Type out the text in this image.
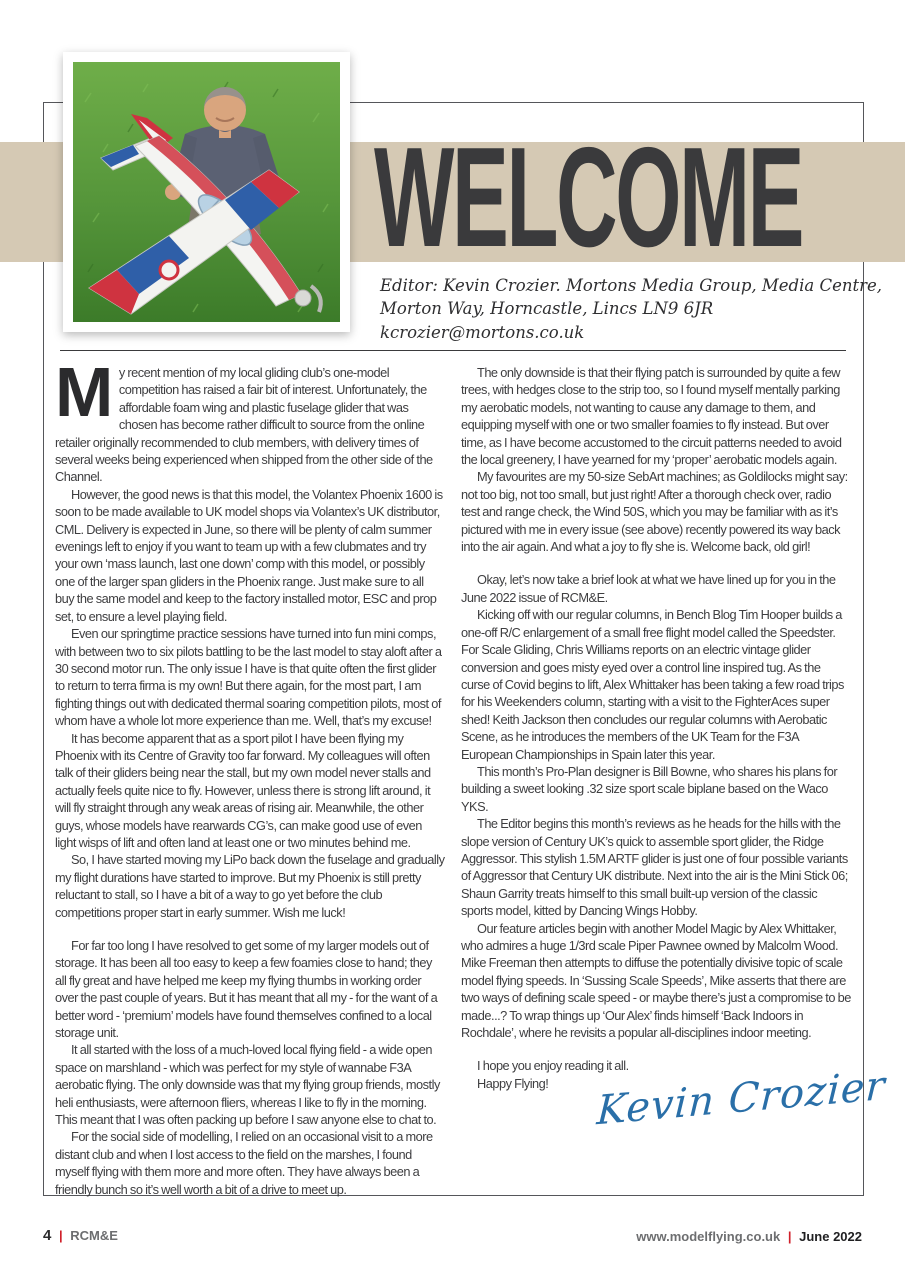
WELCOME

Editor: Kevin Crozier. Mortons Media Group, Media Centre,

Morton Way, Horncastle, Lincs LN9 6JR

kcrozier@mortons.co.uk

My recent mention of my local gliding club’s one-model competition has raised a fair bit of interest. Unfortunately, the affordable foam wing and plastic fuselage glider that was chosen has become rather difficult to source from the online retailer originally recommended to club members, with delivery times of several weeks being experienced when shipped from the other side of the Channel.

However, the good news is that this model, the Volantex Phoenix 1600 is soon to be made available to UK model shops via Volantex’s UK distributor, CML. Delivery is expected in June, so there will be plenty of calm summer evenings left to enjoy if you want to team up with a few clubmates and try your own ‘mass launch, last one down’ comp with this model, or possibly one of the larger span gliders in the Phoenix range. Just make sure to all buy the same model and keep to the factory installed motor, ESC and prop set, to ensure a level playing field.

Even our springtime practice sessions have turned into fun mini comps, with between two to six pilots battling to be the last model to stay aloft after a 30 second motor run. The only issue I have is that quite often the first glider to return to terra firma is my own! But there again, for the most part, I am fighting things out with dedicated thermal soaring competition pilots, most of whom have a whole lot more experience than me. Well, that’s my excuse!

It has become apparent that as a sport pilot I have been flying my Phoenix with its Centre of Gravity too far forward. My colleagues will often talk of their gliders being near the stall, but my own model never stalls and actually feels quite nice to fly. However, unless there is strong lift around, it will fly straight through any weak areas of rising air. Meanwhile, the other guys, whose models have rearwards CG’s, can make good use of even light wisps of lift and often land at least one or two minutes behind me.

So, I have started moving my LiPo back down the fuselage and gradually my flight durations have started to improve. But my Phoenix is still pretty reluctant to stall, so I have a bit of a way to go yet before the club competitions proper start in early summer. Wish me luck!

For far too long I have resolved to get some of my larger models out of storage. It has been all too easy to keep a few foamies close to hand; they all fly great and have helped me keep my flying thumbs in working order over the past couple of years. But it has meant that all my - for the want of a better word - ‘premium’ models have found themselves confined to a local storage unit.

It all started with the loss of a much-loved local flying field - a wide open space on marshland - which was perfect for my style of wannabe F3A aerobatic flying. The only downside was that my flying group friends, mostly heli enthusiasts, were afternoon fliers, whereas I like to fly in the morning. This meant that I was often packing up before I saw anyone else to chat to.

For the social side of modelling, I relied on an occasional visit to a more distant club and when I lost access to the field on the marshes, I found myself flying with them more and more often. They have always been a friendly bunch so it’s well worth a bit of a drive to meet up.

The only downside is that their flying patch is surrounded by quite a few trees, with hedges close to the strip too, so I found myself mentally parking my aerobatic models, not wanting to cause any damage to them, and equipping myself with one or two smaller foamies to fly instead. But over time, as I have become accustomed to the circuit patterns needed to avoid the local greenery, I have yearned for my ‘proper’ aerobatic models again.

My favourites are my 50-size SebArt machines; as Goldilocks might say: not too big, not too small, but just right! After a thorough check over, radio test and range check, the Wind 50S, which you may be familiar with as it’s pictured with me in every issue (see above) recently powered its way back into the air again. And what a joy to fly she is. Welcome back, old girl!

Okay, let’s now take a brief look at what we have lined up for you in the June 2022 issue of RCM&E.

Kicking off with our regular columns, in Bench Blog Tim Hooper builds a one-off R/C enlargement of a small free flight model called the Speedster. For Scale Gliding, Chris Williams reports on an electric vintage glider conversion and goes misty eyed over a control line inspired tug. As the curse of Covid begins to lift, Alex Whittaker has been taking a few road trips for his Weekenders column, starting with a visit to the FighterAces super shed! Keith Jackson then concludes our regular columns with Aerobatic Scene, as he introduces the members of the UK Team for the F3A European Championships in Spain later this year.

This month’s Pro-Plan designer is Bill Bowne, who shares his plans for building a sweet looking .32 size sport scale biplane based on the Waco YKS.

The Editor begins this month’s reviews as he heads for the hills with the slope version of Century UK’s quick to assemble sport glider, the Ridge Aggressor. This stylish 1.5M ARTF glider is just one of four possible variants of Aggressor that Century UK distribute. Next into the air is the Mini Stick 06; Shaun Garrity treats himself to this small built-up version of the classic sports model, kitted by Dancing Wings Hobby.

Our feature articles begin with another Model Magic by Alex Whittaker, who admires a huge 1/3rd scale Piper Pawnee owned by Malcolm Wood. Mike Freeman then attempts to diffuse the potentially divisive topic of scale model flying speeds. In ‘Sussing Scale Speeds’, Mike asserts that there are two ways of defining scale speed - or maybe there’s just a compromise to be made...? To wrap things up ‘Our Alex’ finds himself ‘Back Indoors in Rochdale’, where he revisits a popular all-disciplines indoor meeting.

I hope you enjoy reading it all.

Happy Flying!	Kevin Crozier
4 | RCM&E	www.modelflying.co.uk | June 2022
